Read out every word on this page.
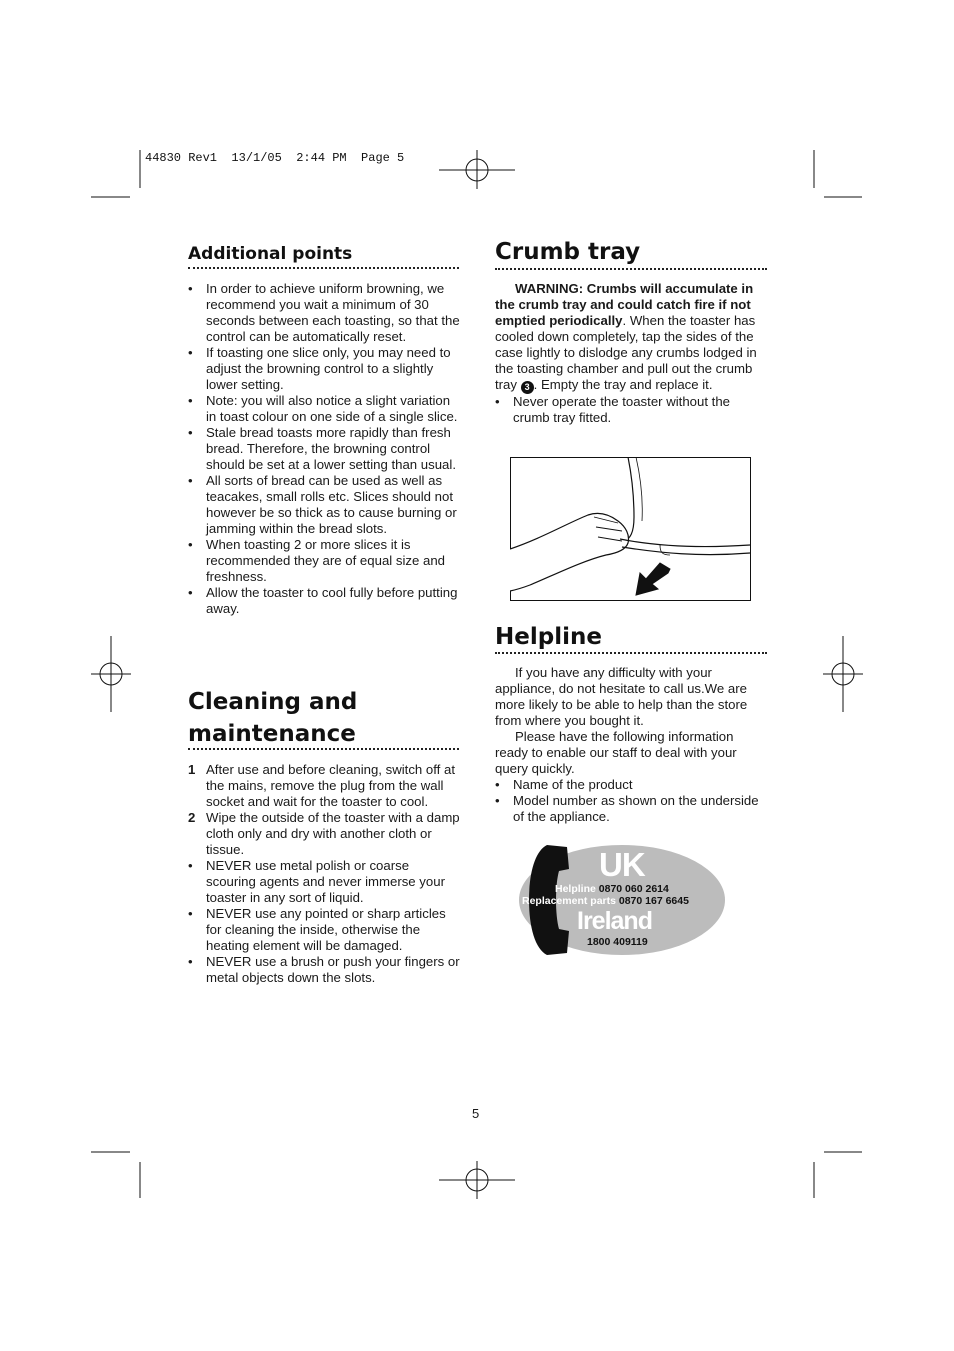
44830 Rev1  13/1/05  2:44 PM  Page 5
Additional points
• In order to achieve uniform browning, we recommend you wait a minimum of 30 seconds between each toasting, so that the control can be automatically reset.
• If toasting one slice only, you may need to adjust the browning control to a slightly lower setting.
• Note: you will also notice a slight variation in toast colour on one side of a single slice.
• Stale bread toasts more rapidly than fresh bread. Therefore, the browning control should be set at a lower setting than usual.
• All sorts of bread can be used as well as teacakes, small rolls etc. Slices should not however be so thick as to cause burning or jamming within the bread slots.
• When toasting 2 or more slices it is recommended they are of equal size and freshness.
• Allow the toaster to cool fully before putting away.
Cleaning and
maintenance
1 After use and before cleaning, switch off at the mains, remove the plug from the wall socket and wait for the toaster to cool.
2 Wipe the outside of the toaster with a damp cloth only and dry with another cloth or tissue.
• NEVER use metal polish or coarse scouring agents and never immerse your toaster in any sort of liquid.
• NEVER use any pointed or sharp articles for cleaning the inside, otherwise the heating element will be damaged.
• NEVER use a brush or push your fingers or metal objects down the slots.
Crumb tray

WARNING: Crumbs will accumulate in the crumb tray and could catch fire if not emptied periodically. When the toaster has cooled down completely, tap the sides of the case lightly to dislodge any crumbs lodged in the toasting chamber and pull out the crumb tray 3 . Empty the tray and replace it.

• Never operate the toaster without the crumb tray fitted.
Helpline

If you have any difficulty with your appliance, do not hesitate to call us.We are more likely to be able to help than the store from where you bought it.

Please have the following information ready to enable our staff to deal with your query quickly.

• Name of the product
• Model number as shown on the underside of the appliance.
UK
Helpline 0870 060 2614
Replacement parts 0870 167 6645
Ireland
1800 409119
5
